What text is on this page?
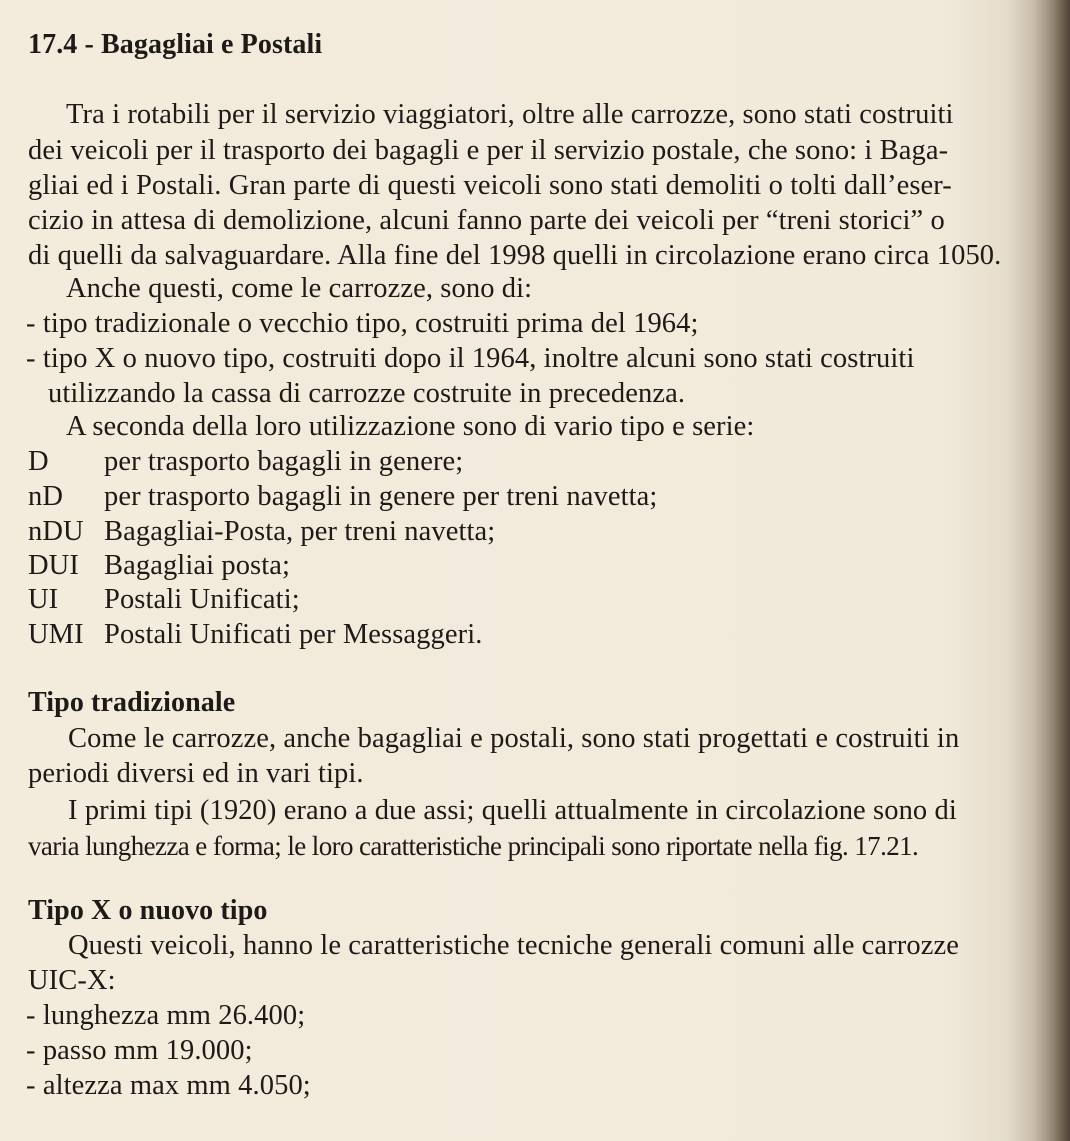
17.4 - Bagagliai e Postali
Tra i rotabili per il servizio viaggiatori, oltre alle carrozze, sono stati costruiti
dei veicoli per il trasporto dei bagagli e per il servizio postale, che sono: i Baga-
gliai ed i Postali. Gran parte di questi veicoli sono stati demoliti o tolti dall’eser-
cizio in attesa di demolizione, alcuni fanno parte dei veicoli per “treni storici” o
di quelli da salvaguardare. Alla fine del 1998 quelli in circolazione erano circa 1050.
Anche questi, come le carrozze, sono di:
- tipo tradizionale o vecchio tipo, costruiti prima del 1964;
- tipo X o nuovo tipo, costruiti dopo il 1964, inoltre alcuni sono stati costruiti
utilizzando la cassa di carrozze costruite in precedenza.
A seconda della loro utilizzazione sono di vario tipo e serie:
D per trasporto bagagli in genere;
nD per trasporto bagagli in genere per treni navetta;
nDU Bagagliai-Posta, per treni navetta;
DUI Bagagliai posta;
UI Postali Unificati;
UMI Postali Unificati per Messaggeri.
Tipo tradizionale
Come le carrozze, anche bagagliai e postali, sono stati progettati e costruiti in
periodi diversi ed in vari tipi.
I primi tipi (1920) erano a due assi; quelli attualmente in circolazione sono di
varia lunghezza e forma; le loro caratteristiche principali sono riportate nella fig. 17.21.
Tipo X o nuovo tipo
Questi veicoli, hanno le caratteristiche tecniche generali comuni alle carrozze
UIC-X:
- lunghezza mm 26.400;
- passo mm 19.000;
- altezza max mm 4.050;
